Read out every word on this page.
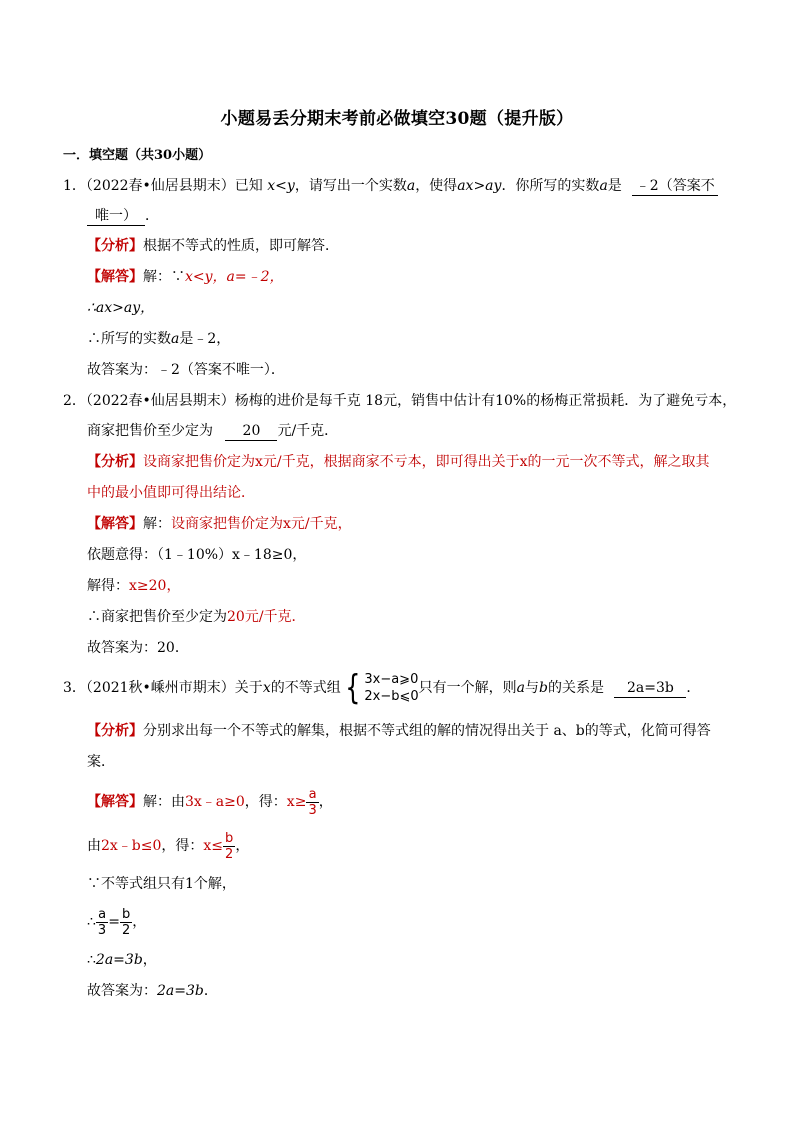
小题易丢分期末考前必做填空30题（提升版）
一．填空题（共30小题）
1．（2022春•仙居县期末）已知 x<y，请写出一个实数a，使得ax>ay．你所写的实数a是 ﹣2（答案不
唯一） ．
【分析】根据不等式的性质，即可解答．
【解答】解：∵x<y，a=﹣2，
∴ax>ay，
∴所写的实数a是﹣2，
故答案为：﹣2（答案不唯一）．
2．（2022春•仙居县期末）杨梅的进价是每千克 18元，销售中估计有10%的杨梅正常损耗．为了避免亏本，
商家把售价至少定为 20 元/千克．
【分析】设商家把售价定为x元/千克，根据商家不亏本，即可得出关于x的一元一次不等式，解之取其
中的最小值即可得出结论．
【解答】解：设商家把售价定为x元/千克，
依题意得：（1﹣10%）x﹣18≥0，
解得：x≥20，
∴商家把售价至少定为20元/千克．
故答案为：20．
3．（2021秋•嵊州市期末）关于x的不等式组 { 3x−a⩾0
2x−b⩽0
只有一个解，则a与b的关系是 2a=3b ．
【分析】分别求出每一个不等式的解集，根据不等式组的解的情况得出关于 a、b的等式，化简可得答
案．
【解答】解：由3x﹣a≥0，得：$x\ge \frac{a}{3}$ ，
由2x﹣b≤0，得：$x\le \frac{b}{2}$ ，
∵不等式组只有1个解，
∴ $\frac{a}{3} = \frac{b}{2}$ ，
∴2a=3b，
故答案为：2a=3b．
